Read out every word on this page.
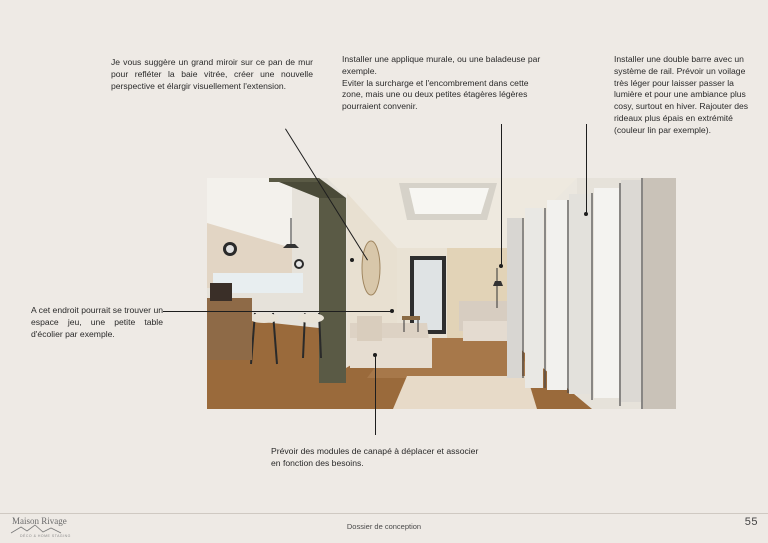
Je vous suggère un grand miroir sur ce pan de mur pour refléter la baie vitrée, créer une nouvelle perspective et élargir visuellement l'extension.

Installer une applique murale, ou une baladeuse par exemple.

Eviter la surcharge et l'encombrement dans cette zone, mais une ou deux petites étagères légères pourraient convenir.

Installer une double barre avec un système de rail. Prévoir un voilage très léger pour laisser passer la lumière et pour une ambiance plus cosy, surtout en hiver. Rajouter des rideaux plus épais en extrémité (couleur lin par exemple).

A cet endroit pourrait se trouver un espace jeu, une petite table d'écolier par exemple.

Prévoir des modules de canapé à déplacer et associer en fonction des besoins.

Maison Rivage
DÉCO & HOME STAGING
Dossier de conception	55
